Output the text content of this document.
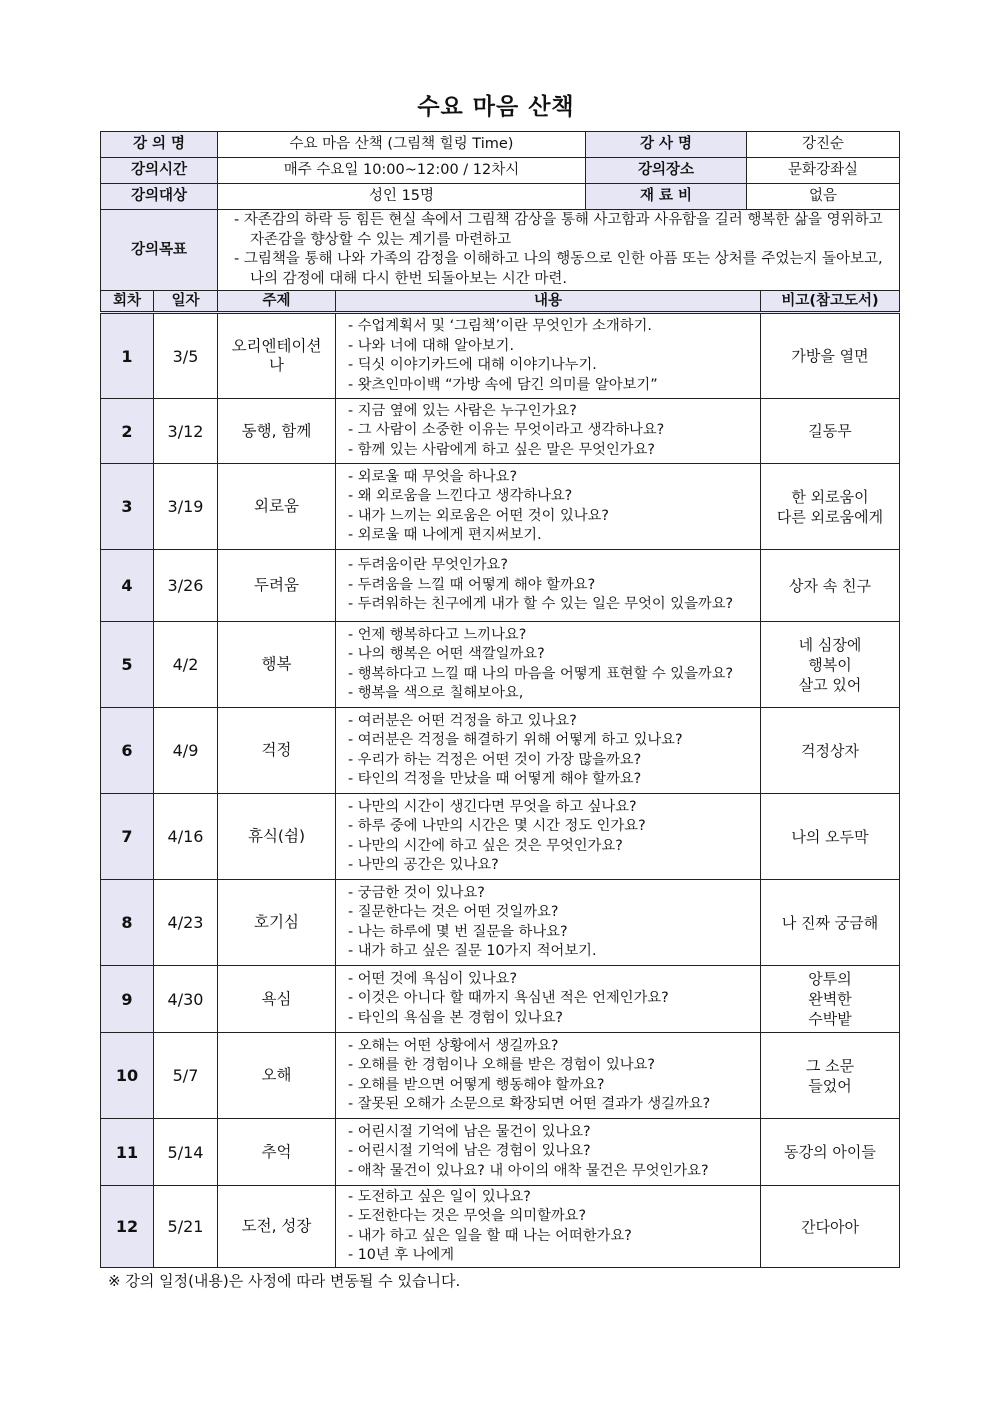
수요 마음 산책
강 의 명	수요 마음 산책 (그림책 힐링 Time)	강 사 명	강진순
강의시간	매주 수요일 10:00~12:00 / 12차시	강의장소	문화강좌실
강의대상	성인 15명	재 료 비	없음
강의목표	- 자존감의 하락 등 힘든 현실 속에서 그림책 감상을 통해 사고함과 사유함을 길러 행복한 삶을 영위하고 자존감을 향상할 수 있는 계기를 마련하고
- 그림책을 통해 나와 가족의 감정을 이해하고 나의 행동으로 인한 아픔 또는 상처를 주었는지 돌아보고, 나의 감정에 대해 다시 한번 되돌아보는 시간 마련.		
회차	일자	주제	내용	비고(참고도서)
1	3/5	오리엔테이션
나	- 수업계획서 및 ‘그림책’이란 무엇인가 소개하기.
- 나와 너에 대해 알아보기.
- 딕싯 이야기카드에 대해 이야기나누기.
- 왓츠인마이백 “가방 속에 담긴 의미를 알아보기”	가방을 열면
2	3/12	동행, 함께	- 지금 옆에 있는 사람은 누구인가요?
- 그 사람이 소중한 이유는 무엇이라고 생각하나요?
- 함께 있는 사람에게 하고 싶은 말은 무엇인가요?	길동무
3	3/19	외로움	- 외로울 때 무엇을 하나요?
- 왜 외로움을 느낀다고 생각하나요?
- 내가 느끼는 외로움은 어떤 것이 있나요?
- 외로울 때 나에게 편지써보기.	한 외로움이
다른 외로움에게
4	3/26	두려움	- 두려움이란 무엇인가요?
- 두려움을 느낄 때 어떻게 해야 할까요?
- 두려워하는 친구에게 내가 할 수 있는 일은 무엇이 있을까요?	상자 속 친구
5	4/2	행복	- 언제 행복하다고 느끼나요?
- 나의 행복은 어떤 색깔일까요?
- 행복하다고 느낄 때 나의 마음을 어떻게 표현할 수 있을까요?
- 행복을 색으로 칠해보아요,	네 심장에
행복이
살고 있어
6	4/9	걱정	- 여러분은 어떤 걱정을 하고 있나요?
- 여러분은 걱정을 해결하기 위해 어떻게 하고 있나요?
- 우리가 하는 걱정은 어떤 것이 가장 많을까요?
- 타인의 걱정을 만났을 때 어떻게 해야 할까요?	걱정상자
7	4/16	휴식(쉼)	- 나만의 시간이 생긴다면 무엇을 하고 싶나요?
- 하루 중에 나만의 시간은 몇 시간 정도 인가요?
- 나만의 시간에 하고 싶은 것은 무엇인가요?
- 나만의 공간은 있나요?	나의 오두막
8	4/23	호기심	- 궁금한 것이 있나요?
- 질문한다는 것은 어떤 것일까요?
- 나는 하루에 몇 번 질문을 하나요?
- 내가 하고 싶은 질문 10가지 적어보기.	나 진짜 궁금해
9	4/30	욕심	- 어떤 것에 욕심이 있나요?
- 이것은 아니다 할 때까지 욕심낸 적은 언제인가요?
- 타인의 욕심을 본 경험이 있나요?	앙투의
완벽한
수박밭
10	5/7	오해	- 오해는 어떤 상황에서 생길까요?
- 오해를 한 경험이나 오해를 받은 경험이 있나요?
- 오해를 받으면 어떻게 행동해야 할까요?
- 잘못된 오해가 소문으로 확장되면 어떤 결과가 생길까요?	그 소문
들었어
11	5/14	추억	- 어린시절 기억에 남은 물건이 있나요?
- 어린시절 기억에 남은 경험이 있나요?
- 애착 물건이 있나요? 내 아이의 애착 물건은 무엇인가요?	동강의 아이들
12	5/21	도전, 성장	- 도전하고 싶은 일이 있나요?
- 도전한다는 것은 무엇을 의미할까요?
- 내가 하고 싶은 일을 할 때 나는 어떠한가요?
- 10년 후 나에게	간다아아
※ 강의 일정(내용)은 사정에 따라 변동될 수 있습니다.
